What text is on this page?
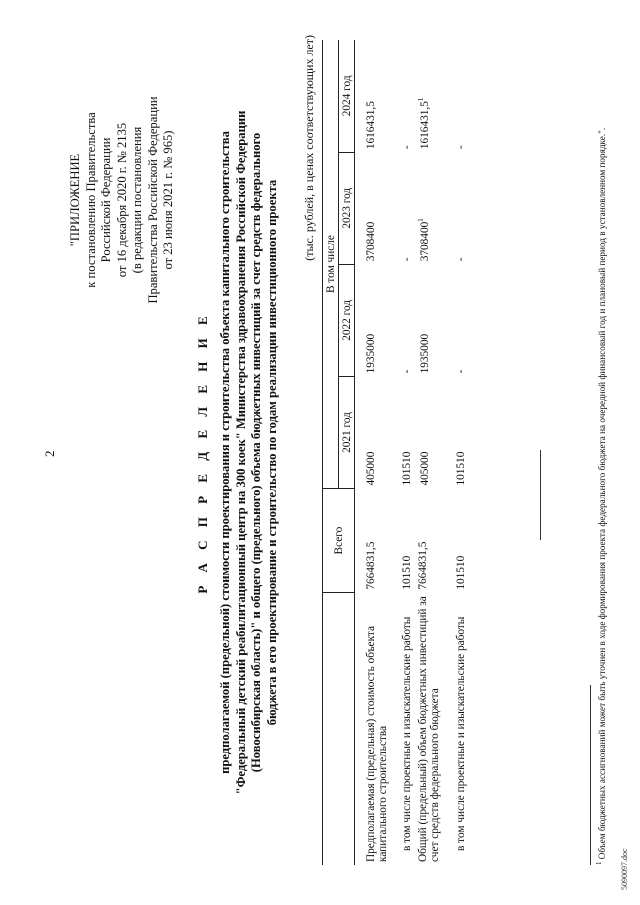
2
"ПРИЛОЖЕНИЕ к постановлению Правительства Российской Федерации от 16 декабря 2020 г. № 2135 (в редакции постановления Правительства Российской Федерации от 23 июня 2021 г. № 965)
Р А С П Р Е Д Е Л Е Н И Е предполагаемой (предельной) стоимости проектирования и строительства объекта капитального строительства "Федеральный детский реабилитационный центр на 300 коек" Министерства здравоохранения Российской Федерации (Новосибирская область)" и общего (предельного) объема бюджетных инвестиций за счет средств федерального бюджета в его проектирование и строительство по годам реализации инвестиционного проекта
(тыс. рублей, в ценах соответствующих лет)
	Всего	В том числе			
		2021 год	2022 год	2023 год	2024 год

Предполагаемая (предельная) стоимость объекта капитального строительства	7664831,5	405000	1935000	3708400	1616431,5
в том числе проектные и изыскательские работы	101510	101510	-	-	-
Общий (предельный) объем бюджетных инвестиций за счет средств федерального бюджета	7664831,5	405000	1935000	3708400$^1$	1616431,5$^1$
в том числе проектные и изыскательские работы	101510	101510	-	-	-
$^1$ Объем бюджетных ассигнований может быть уточнен в ходе формирования проекта федерального бюджета на очередной финансовый год и плановый период в установленном порядке.".
5090097.doc
